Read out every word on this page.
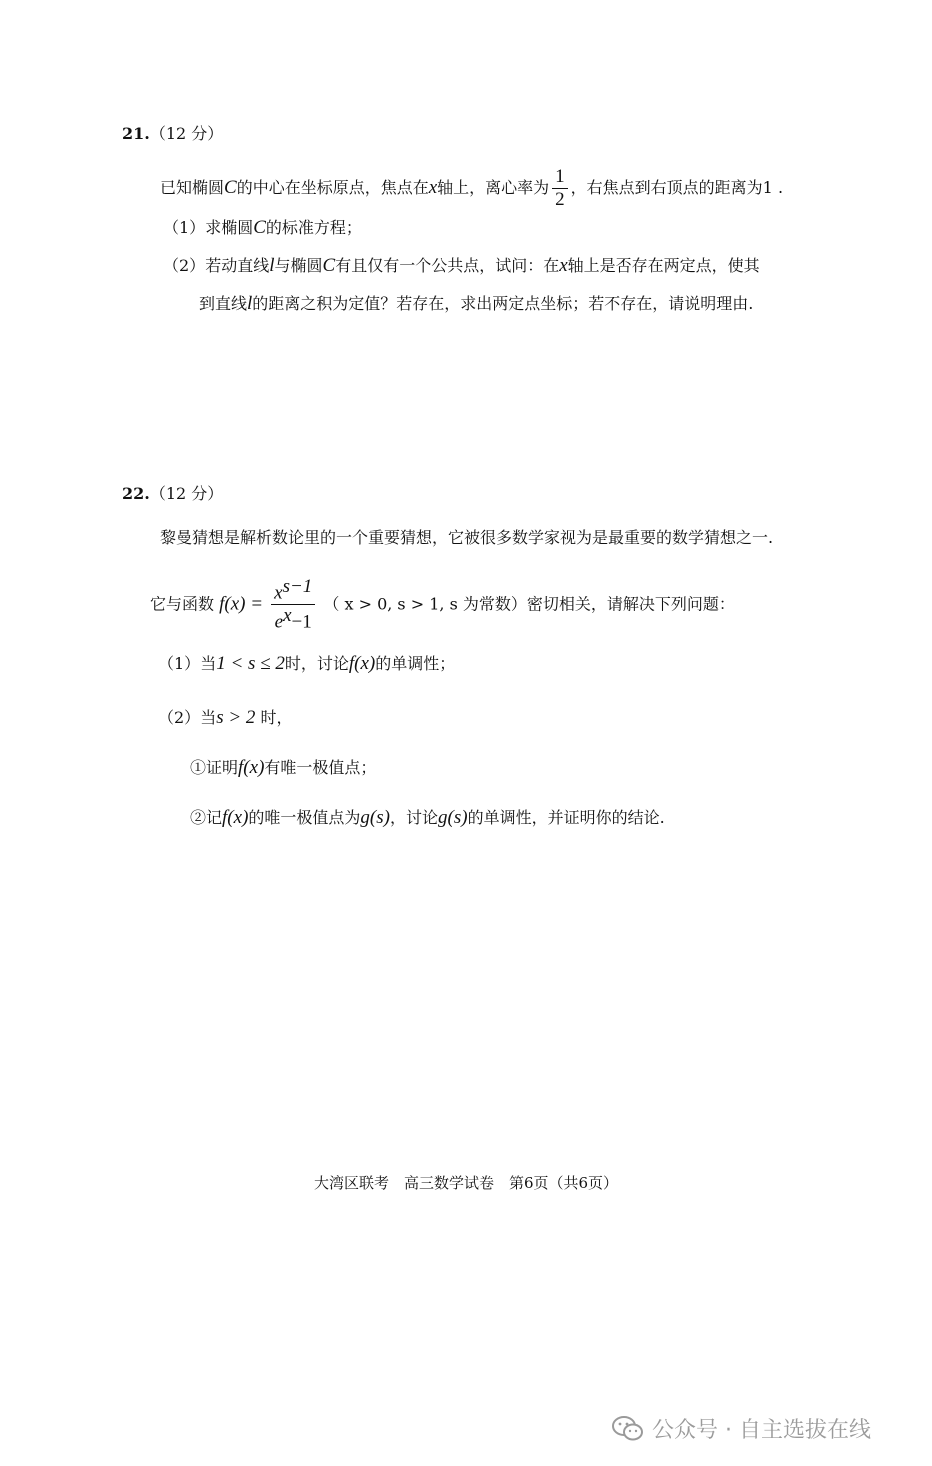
21.（12 分）
已知椭圆C的中心在坐标原点，焦点在x轴上，离心率为 $\frac{1}{2}$ ，右焦点到右顶点的距离为1 .
（1）求椭圆C的标准方程；
（2）若动直线l与椭圆C有且仅有一个公共点，试问：在x轴上是否存在两定点，使其
到直线l的距离之积为定值？若存在，求出两定点坐标；若不存在，请说明理由.
22.（12 分）
黎曼猜想是解析数论里的一个重要猜想，它被很多数学家视为是最重要的数学猜想之一.
它与函数 $f(x) = \frac{x^{s-1}}{e^x-1}$ （ x > 0, s > 1, s 为常数）密切相关，请解决下列问题：
（1）当1 < s ≤ 2时，讨论f(x)的单调性；
（2）当s > 2 时，
①证明f(x)有唯一极值点；
②记f(x)的唯一极值点为g(s)，讨论g(s)的单调性，并证明你的结论.
大湾区联考　高三数学试卷　第6页（共6页）
公众号 · 自主选拔在线
